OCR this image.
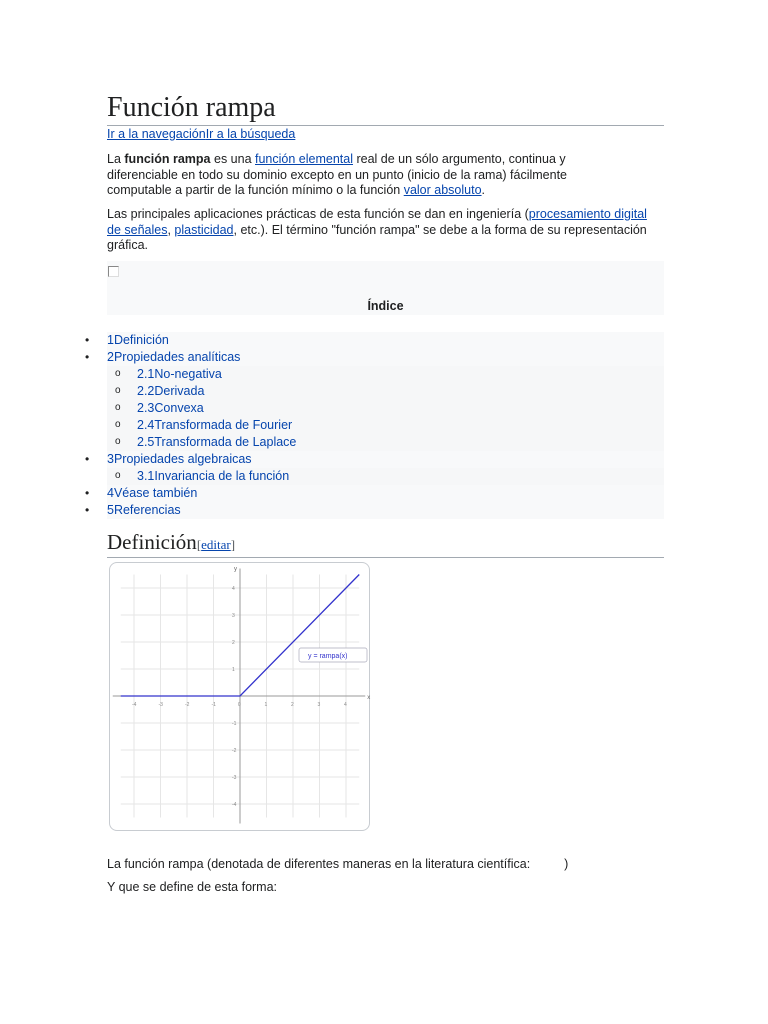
Función rampa
Ir a la navegaciónIr a la búsqueda

La función rampa es una función elemental real de un sólo argumento, continua y diferenciable en todo su dominio excepto en un punto (inicio de la rama) fácilmente computable a partir de la función mínimo o la función valor absoluto.

Las principales aplicaciones prácticas de esta función se dan en ingeniería (procesamiento digital de señales, plasticidad, etc.). El término "función rampa" se debe a la forma de su representación gráfica.

Índice
• 1Definición
• 2Propiedades analíticas
o 2.1No-negativa
o 2.2Derivada
o 2.3Convexa
o 2.4Transformada de Fourier
o 2.5Transformada de Laplace
• 3Propiedades algebraicas
o 3.1Invariancia de la función
• 4Véase también
• 5Referencias
Definición[editar]
x
y
-4	-3	-2	-1	0	1	2	3	4
4
3
2
1
-1
-2
-3
-4
y = rampa(x)

La función rampa (denotada de diferentes maneras en la literatura científica:	)

Y que se define de esta forma:
